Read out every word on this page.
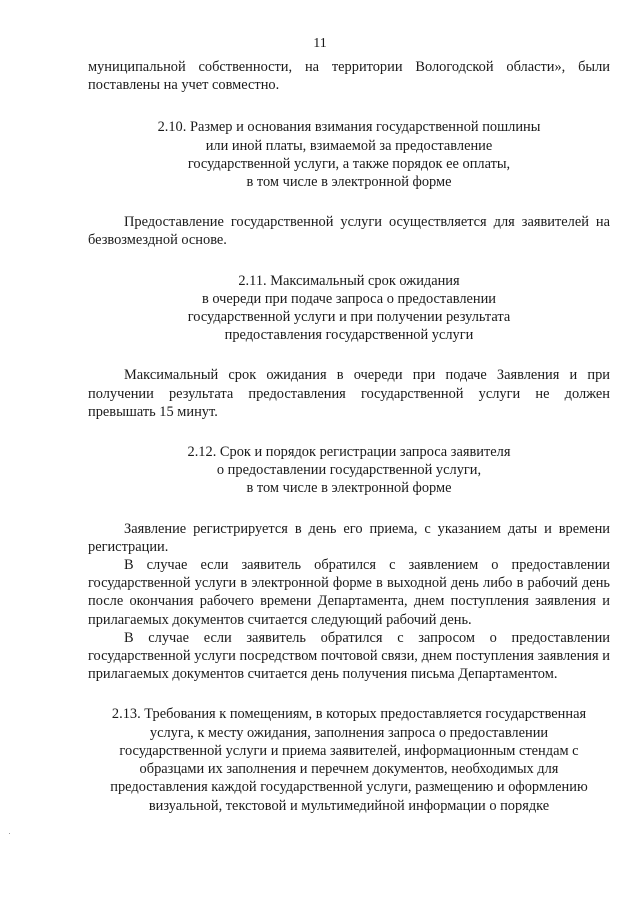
11

муниципальной собственности, на территории Вологодской области», были поставлены на учет совместно.

2.10. Размер и основания взимания государственной пошлины
или иной платы, взимаемой за предоставление
государственной услуги, а также порядок ее оплаты,
в том числе в электронной форме

Предоставление государственной услуги осуществляется для заявителей на безвозмездной основе.

2.11. Максимальный срок ожидания
в очереди при подаче запроса о предоставлении
государственной услуги и при получении результата
предоставления государственной услуги

Максимальный срок ожидания в очереди при подаче Заявления и при получении результата предоставления государственной услуги не должен превышать 15 минут.

2.12. Срок и порядок регистрации запроса заявителя
о предоставлении государственной услуги,
в том числе в электронной форме

Заявление регистрируется в день его приема, с указанием даты и времени регистрации.

В случае если заявитель обратился с заявлением о предоставлении государственной услуги в электронной форме в выходной день либо в рабочий день после окончания рабочего времени Департамента, днем поступления заявления и прилагаемых документов считается следующий рабочий день.

В случае если заявитель обратился с запросом о предоставлении государственной услуги посредством почтовой связи, днем поступления заявления и прилагаемых документов считается день получения письма Департаментом.

2.13. Требования к помещениям, в которых предоставляется государственная
услуга, к месту ожидания, заполнения запроса о предоставлении
государственной услуги и приема заявителей, информационным стендам с
образцами их заполнения и перечнем документов, необходимых для
предоставления каждой государственной услуги, размещению и оформлению
визуальной, текстовой и мультимедийной информации о порядке
